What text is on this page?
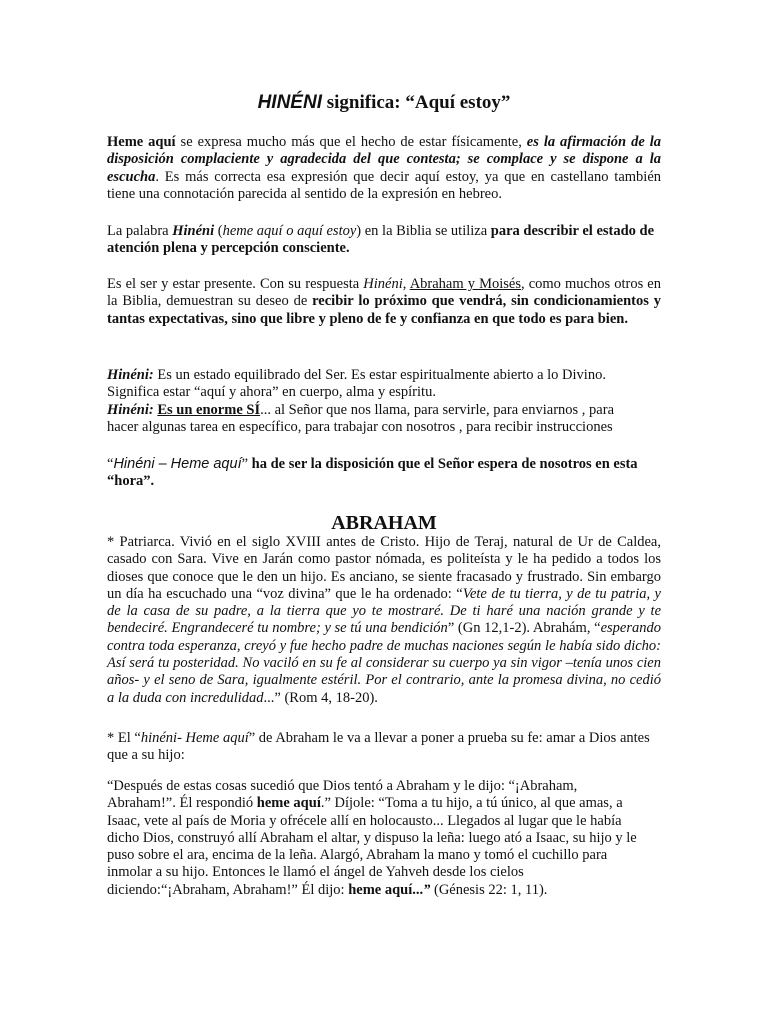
HINÉNI significa: “Aquí estoy”

Heme aquí se expresa mucho más que el hecho de estar físicamente, es la afirmación de la disposición complaciente y agradecida del que contesta; se complace y se dispone a la escucha. Es más correcta esa expresión que decir aquí estoy, ya que en castellano también tiene una connotación parecida al sentido de la expresión en hebreo.

La palabra Hinéni (heme aquí o aquí estoy) en la Biblia se utiliza para describir el estado de atención plena y percepción consciente.

Es el ser y estar presente. Con su respuesta Hinéni, Abraham y Moisés, como muchos otros en la Biblia, demuestran su deseo de recibir lo próximo que vendrá, sin condicionamientos y tantas expectativas, sino que libre y pleno de fe y confianza en que todo es para bien.

Hinéni: Es un estado equilibrado del Ser. Es estar espiritualmente abierto a lo Divino.
Significa estar “aquí y ahora” en cuerpo, alma y espíritu.
Hinéni: Es un enorme SÍ... al Señor que nos llama, para servirle, para enviarnos , para
hacer algunas tarea en específico, para trabajar con nosotros , para recibir instrucciones

“Hinéni – Heme aquí” ha de ser la disposición que el Señor espera de nosotros en esta “hora”.

ABRAHAM

* Patriarca. Vivió en el siglo XVIII antes de Cristo. Hijo de Teraj, natural de Ur de Caldea, casado con Sara. Vive en Jarán como pastor nómada, es politeísta y le ha pedido a todos los dioses que conoce que le den un hijo. Es anciano, se siente fracasado y frustrado. Sin embargo un día ha escuchado una “voz divina” que le ha ordenado: “Vete de tu tierra, y de tu patria, y de la casa de su padre, a la tierra que yo te mostraré. De ti haré una nación grande y te bendeciré. Engrandeceré tu nombre; y se tú una bendición” (Gn 12,1-2). Abrahám, “esperando contra toda esperanza, creyó y fue hecho padre de muchas naciones según le había sido dicho: Así será tu posteridad. No vaciló en su fe al considerar su cuerpo ya sin vigor –tenía unos cien años- y el seno de Sara, igualmente estéril. Por el contrario, ante la promesa divina, no cedió a la duda con incredulidad...” (Rom 4, 18-20).

* El “hinéni- Heme aquí” de Abraham le va a llevar a poner a prueba su fe: amar a Dios antes que a su hijo:

“Después de estas cosas sucedió que Dios tentó a Abraham y le dijo: “¡Abraham,
Abraham!”. Él respondió heme aquí.” Díjole: “Toma a tu hijo, a tú único, al que amas, a
Isaac, vete al país de Moria y ofrécele allí en holocausto... Llegados al lugar que le había
dicho Dios, construyó allí Abraham el altar, y dispuso la leña: luego ató a Isaac, su hijo y le
puso sobre el ara, encima de la leña. Alargó, Abraham la mano y tomó el cuchillo para
inmolar a su hijo. Entonces le llamó el ángel de Yahveh desde los cielos
diciendo:“¡Abraham, Abraham!” Él dijo: heme aquí...” (Génesis 22: 1, 11).
